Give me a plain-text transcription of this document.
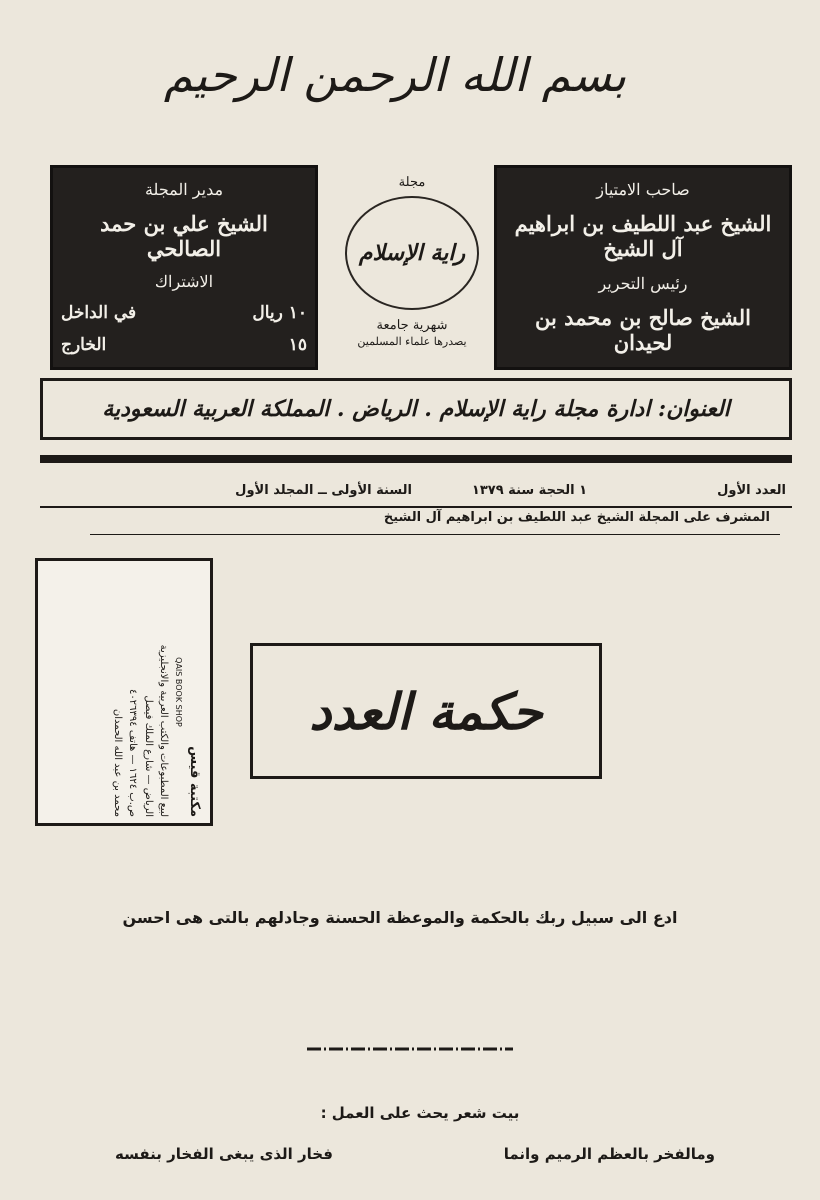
بسم الله الرحمن الرحيم
صاحب الامتياز
الشيخ عبد اللطيف بن ابراهيم آل الشيخ
رئيس التحرير
الشيخ صالح بن محمد بن لحيدان
مجلة
راية الإسلام
شهرية جامعة
يصدرها علماء المسلمين
مدير المجلة
الشيخ علي بن حمد الصالحي
الاشتراك
١٠ ريال
في الداخل
١٥
الخارج
العنوان: ادارة مجلة راية الإسلام . الرياض . المملكة العربية السعودية
العدد الأول
١ الحجة سنة ١٣٧٩
السنة الأولى ــ المجلد الأول
المشرف على المجلة الشيخ عبد اللطيف بن ابراهيم آل الشيخ
مكتبة قيس
QAIS BOOK SHOP
لبيع المطبوعات والكتب العربية والانجليزية
الرياض — شارع الملك فيصل
ص.ب ١٦٢٤ — هاتف ٤٠٢٦٣٩٤
محمد بن عبد الله الحمدان	حكمة العدد
ادع الى سبيل ربك بالحكمة والموعظة الحسنة وجادلهم بالتى هى احسن
بيت شعر يحث على العمل :
ومالفخر بالعظم الرميم وانما
فخار الذى يبغى الفخار بنفسه
